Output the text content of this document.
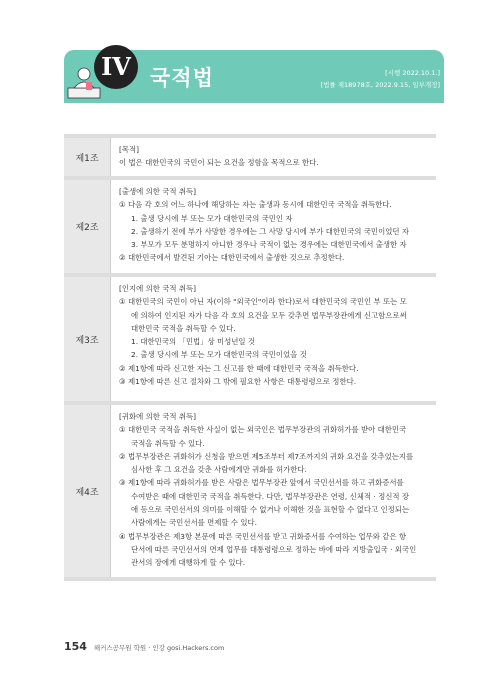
IV 국적법	[시행 2022.10.1.]
[법률 제18978호, 2022.9.15, 일부개정]
제1조
[목적]
이 법은 대한민국의 국민이 되는 요건을 정함을 목적으로 한다.
제2조
[출생에 의한 국적 취득]
① 다음 각 호의 어느 하나에 해당하는 자는 출생과 동시에 대한민국 국적을 취득한다.
1. 출생 당시에 부 또는 모가 대한민국의 국민인 자
2. 출생하기 전에 부가 사망한 경우에는 그 사망 당시에 부가 대한민국의 국민이었던 자
3. 부모가 모두 분명하지 아니한 경우나 국적이 없는 경우에는 대한민국에서 출생한 자
② 대한민국에서 발견된 기아는 대한민국에서 출생한 것으로 추정한다.
제3조
[인지에 의한 국적 취득]
① 대한민국의 국민이 아닌 자(이하 "외국인"이라 한다)로서 대한민국의 국민인 부 또는 모
에 의하여 인지된 자가 다음 각 호의 요건을 모두 갖추면 법무부장관에게 신고함으로써
대한민국 국적을 취득할 수 있다.
1. 대한민국의 「민법」상 미성년일 것
2. 출생 당시에 부 또는 모가 대한민국의 국민이었을 것
② 제1항에 따라 신고한 자는 그 신고를 한 때에 대한민국 국적을 취득한다.
③ 제1항에 따른 신고 절차와 그 밖에 필요한 사항은 대통령령으로 정한다.
제4조
[귀화에 의한 국적 취득]
① 대한민국 국적을 취득한 사실이 없는 외국인은 법무부장관의 귀화허가를 받아 대한민국
국적을 취득할 수 있다.
② 법무부장관은 귀화허가 신청을 받으면 제5조부터 제7조까지의 귀화 요건을 갖추었는지를
심사한 후 그 요건을 갖춘 사람에게만 귀화를 허가한다.
③ 제1항에 따라 귀화허가를 받은 사람은 법무부장관 앞에서 국민선서를 하고 귀화증서를
수여받은 때에 대한민국 국적을 취득한다. 다만, 법무부장관은 연령, 신체적 · 정신적 장
애 등으로 국민선서의 의미를 이해할 수 없거나 이해한 것을 표현할 수 없다고 인정되는
사람에게는 국민선서를 면제할 수 있다.
④ 법무부장관은 제3항 본문에 따른 국민선서를 받고 귀화증서를 수여하는 업무와 같은 항
단서에 따른 국민선서의 면제 업무를 대통령령으로 정하는 바에 따라 지방출입국 · 외국인
관서의 장에게 대행하게 할 수 있다.
154 해커스공무원 학원 · 인강 gosi.Hackers.com
